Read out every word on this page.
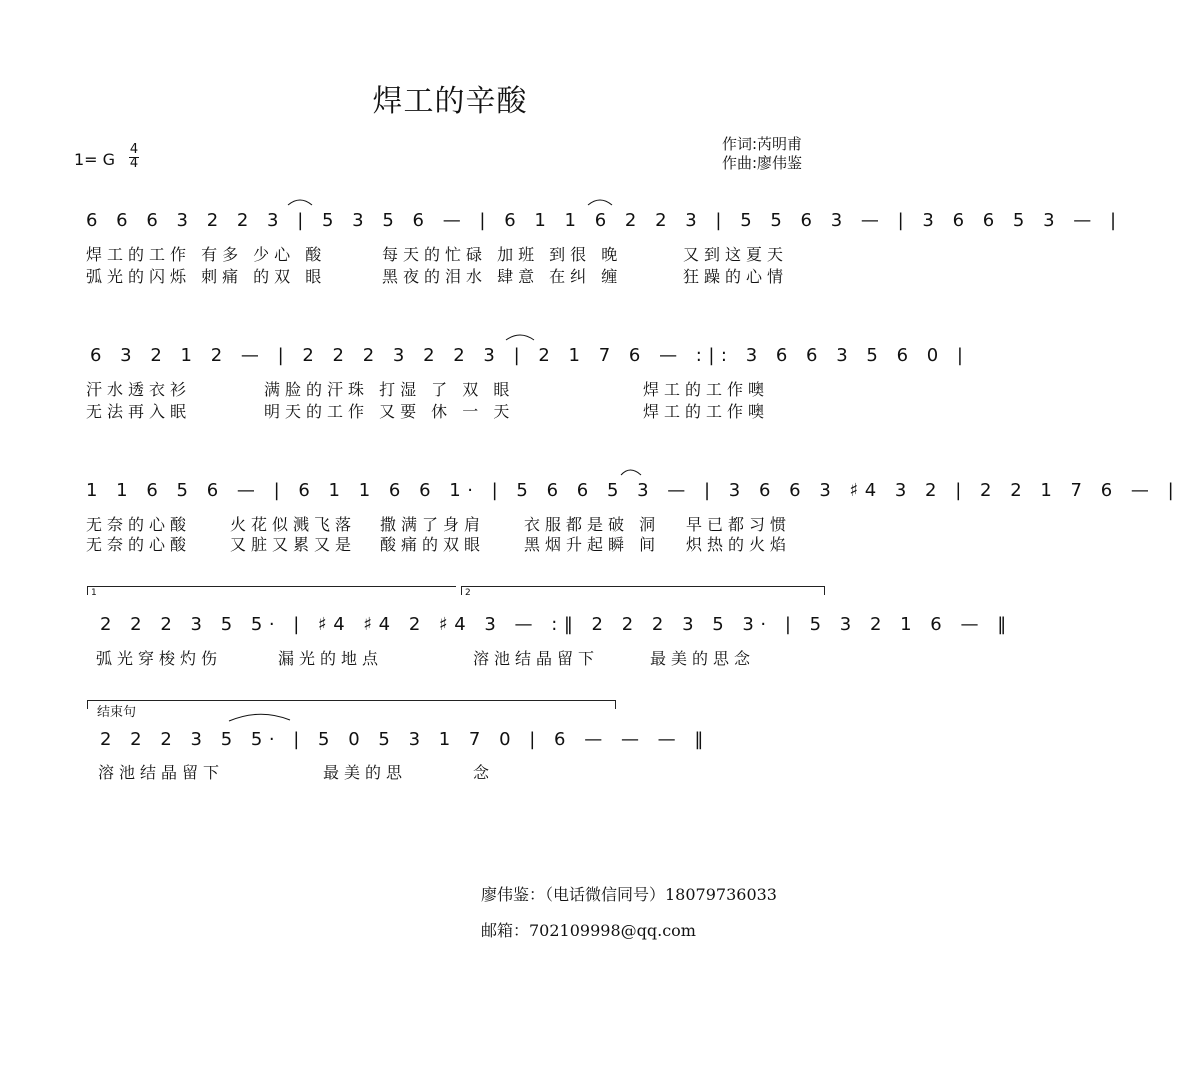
焊工的辛酸
作词:芮明甫
作曲:廖伟鉴
1= G
4
4
6 6 6 3 2 2 3 | 5 3 5 6 — | 6 1 1 6 2 2 3 | 5 5 6 3 — | 3 6 6 5 3 — |
焊工的工作 有多 少心 酸	每天的忙碌 加班 到很 晚	又到这夏天
弧光的闪烁 刺痛 的双 眼	黑夜的泪水 肆意 在纠 缠	狂躁的心情
6 3 2 1 2 — | 2 2 2 3 2 2 3 | 2 1 7 6 — :|: 3 6 6 3 5 6 0 |
汗水透衣衫	满脸的汗珠 打湿 了 双 眼	焊工的工作噢
无法再入眠	明天的工作 又要 休 一 天	焊工的工作噢
1 1 6 5 6 — | 6 1 1 6 6 1· | 5 6 6 5 3 — | 3 6 6 3 ♯4 3 2 | 2 2 1 7 6 — |
无奈的心酸 火花似溅飞落 撒满了身肩 衣服都是破 洞 早已都习惯
无奈的心酸 又脏又累又是 酸痛的双眼 黑烟升起瞬 间 炽热的火焰
1	2
2 2 2 3 5 5· | ♯4 ♯4 2 ♯4 3 — :‖ 2 2 2 3 5 3· | 5 3 2 1 6 — ‖
弧光穿梭灼伤	漏光的地点	溶池结晶留下	最美的思念
结束句
2 2 2 3 5 5· | 5 0 5 3 1 7 0 | 6 — — — ‖
溶池结晶留下	最美的思	念
廖伟鉴：（电话微信同号）18079736033
邮箱：702109998@qq.com
